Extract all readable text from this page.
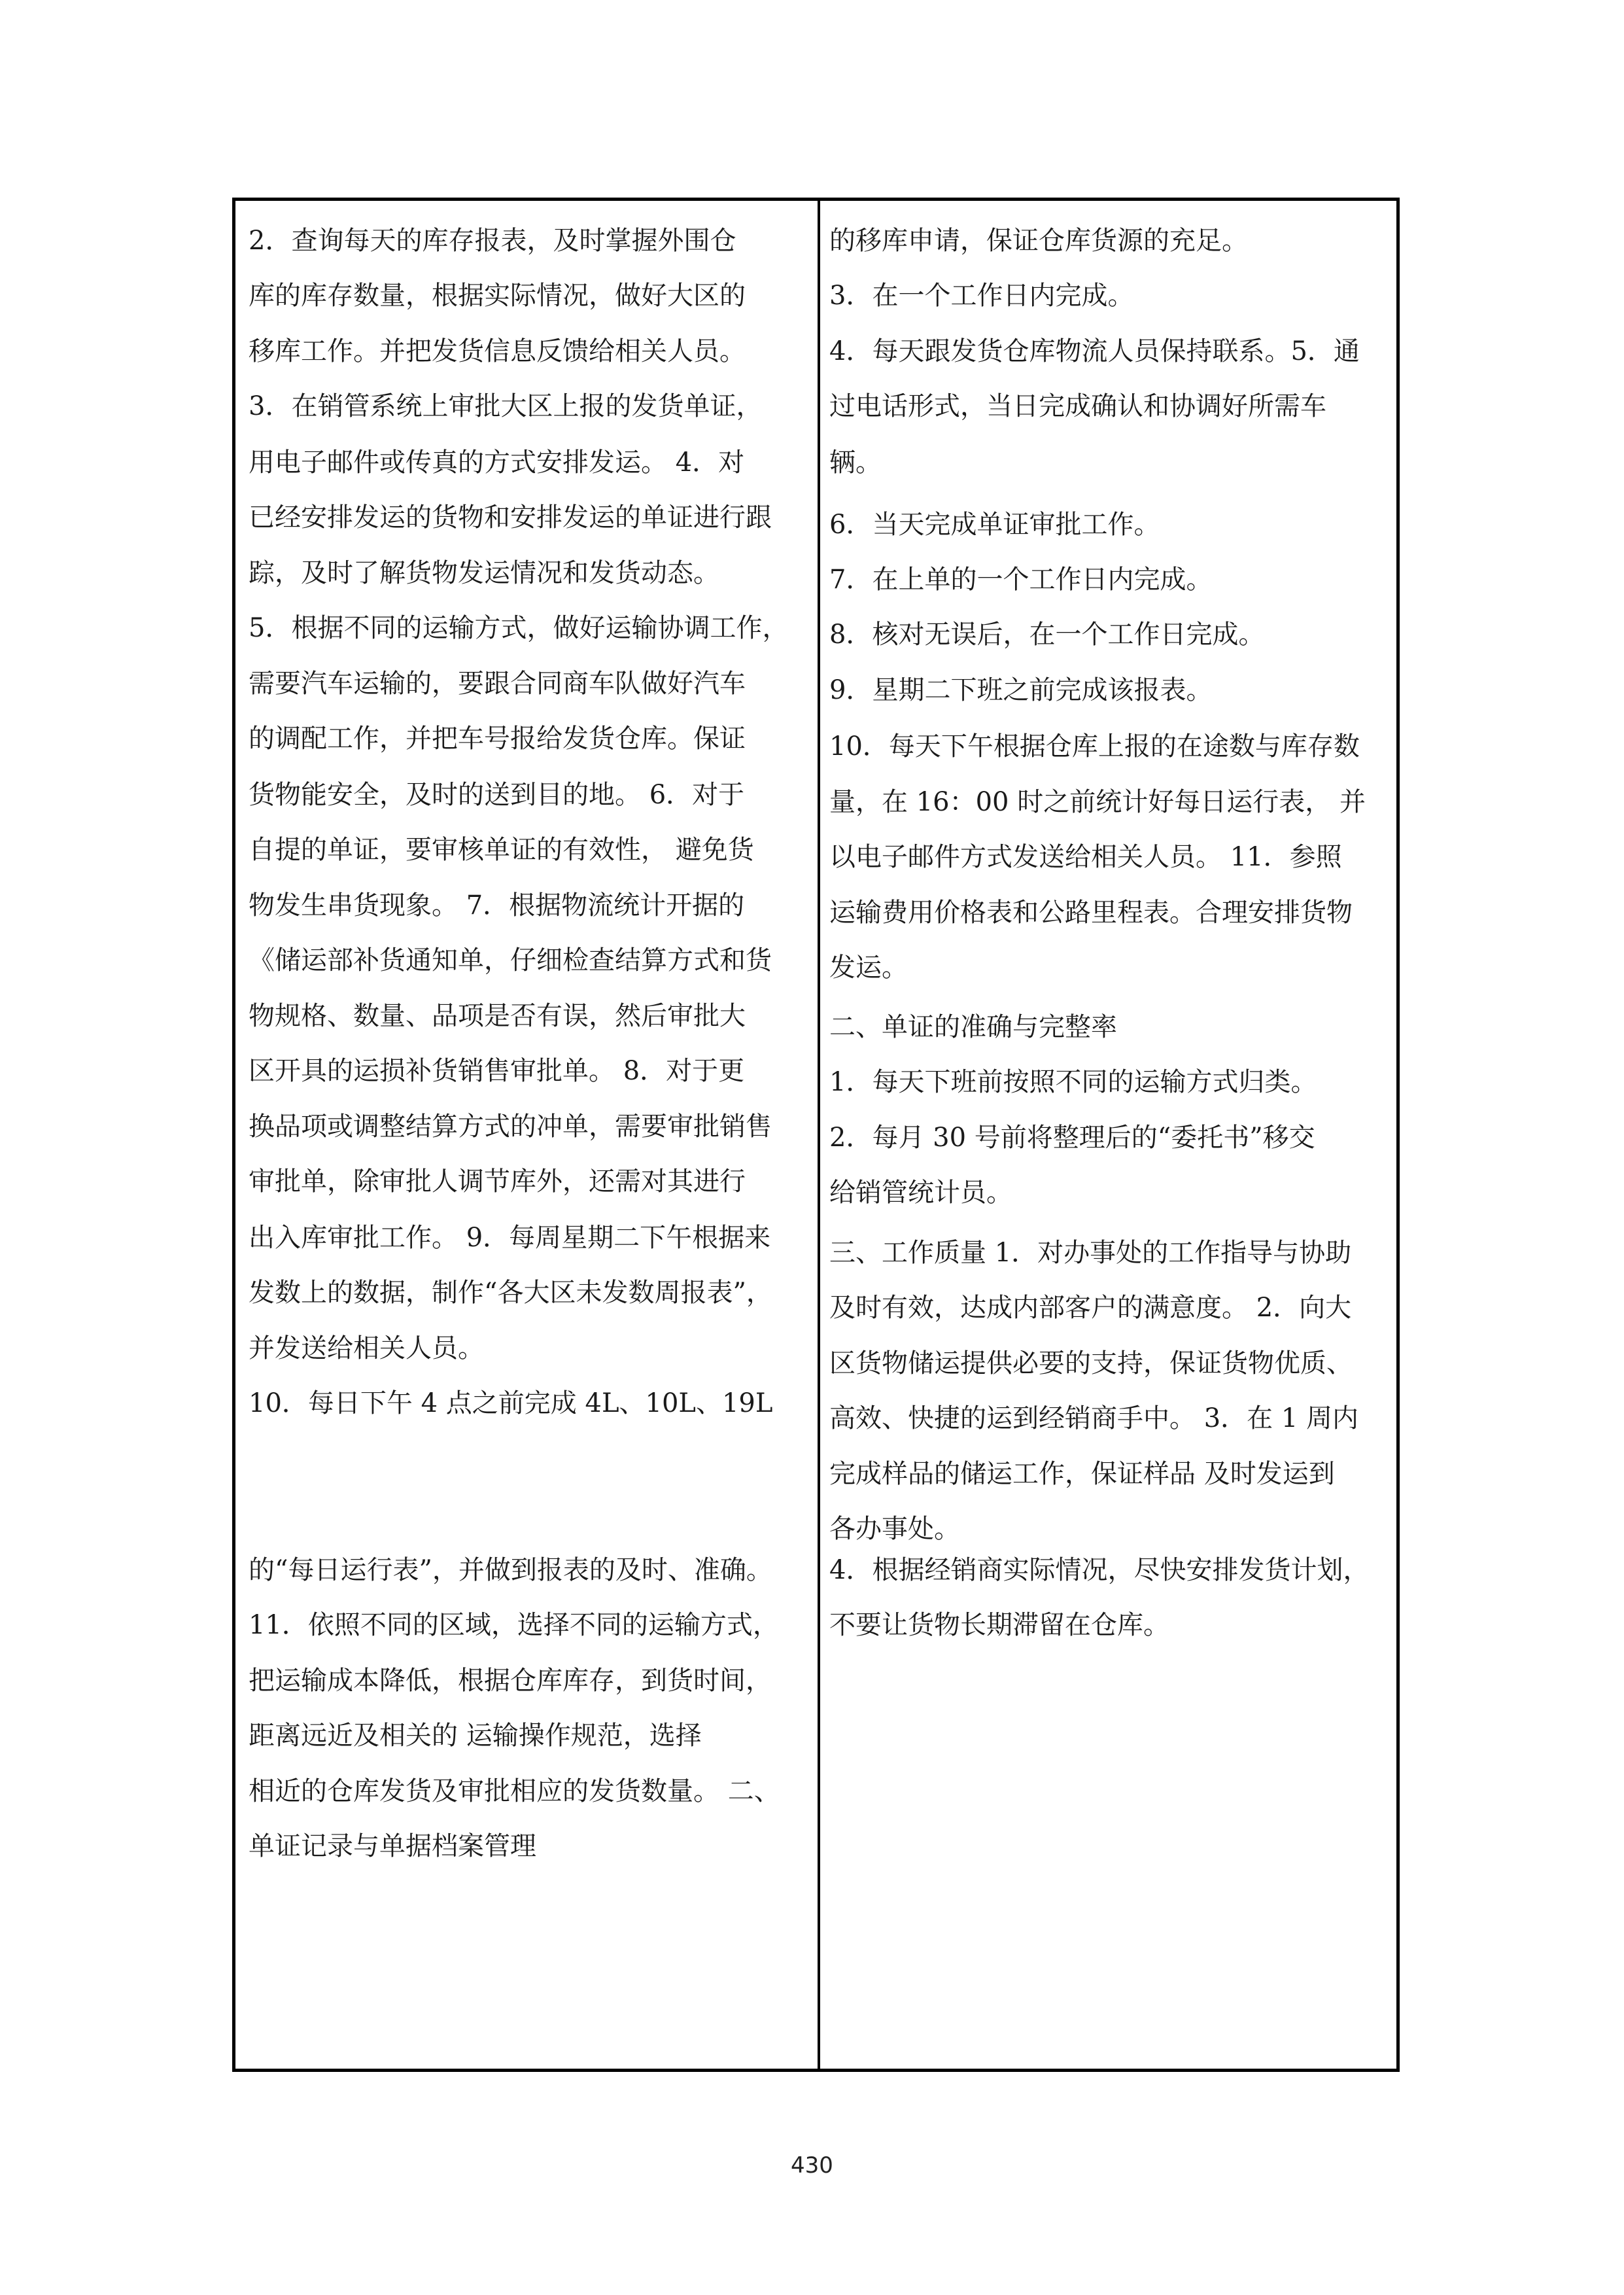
2．查询每天的库存报表，及时掌握外围仓
库的库存数量，根据实际情况，做好大区的
移库工作。并把发货信息反馈给相关人员。
3．在销管系统上审批大区上报的发货单证，
用电子邮件或传真的方式安排发运。 4．对
已经安排发运的货物和安排发运的单证进行跟
踪，及时了解货物发运情况和发货动态。
5．根据不同的运输方式，做好运输协调工作，
需要汽车运输的，要跟合同商车队做好汽车
的调配工作，并把车号报给发货仓库。保证
货物能安全，及时的送到目的地。 6．对于
自提的单证，要审核单证的有效性， 避免货
物发生串货现象。 7．根据物流统计开据的
《储运部补货通知单，仔细检查结算方式和货
物规格、数量、品项是否有误，然后审批大
区开具的运损补货销售审批单。 8．对于更
换品项或调整结算方式的冲单，需要审批销售
审批单，除审批人调节库外，还需对其进行
出入库审批工作。 9．每周星期二下午根据来
发数上的数据，制作“各大区未发数周报表”，
并发送给相关人员。
10．每日下午 4 点之前完成 4L、10L、19L
的“每日运行表”，并做到报表的及时、准确。
11．依照不同的区域，选择不同的运输方式，
把运输成本降低，根据仓库库存，到货时间，
距离远近及相关的 运输操作规范，选择
相近的仓库发货及审批相应的发货数量。 二、
单证记录与单据档案管理
的移库申请，保证仓库货源的充足。
3．在一个工作日内完成。
4．每天跟发货仓库物流人员保持联系。5．通
过电话形式，当日完成确认和协调好所需车
辆。
6．当天完成单证审批工作。
7．在上单的一个工作日内完成。
8．核对无误后，在一个工作日完成。
9．星期二下班之前完成该报表。
10．每天下午根据仓库上报的在途数与库存数
量，在 16：00 时之前统计好每日运行表， 并
以电子邮件方式发送给相关人员。 11．参照
运输费用价格表和公路里程表。合理安排货物
发运。
二、单证的准确与完整率
1．每天下班前按照不同的运输方式归类。
2．每月 30 号前将整理后的“委托书”移交
给销管统计员。
三、工作质量 1．对办事处的工作指导与协助
及时有效，达成内部客户的满意度。 2．向大
区货物储运提供必要的支持，保证货物优质、
高效、快捷的运到经销商手中。 3．在 1 周内
完成样品的储运工作，保证样品 及时发运到
各办事处。
4．根据经销商实际情况，尽快安排发货计划，
不要让货物长期滞留在仓库。
430
